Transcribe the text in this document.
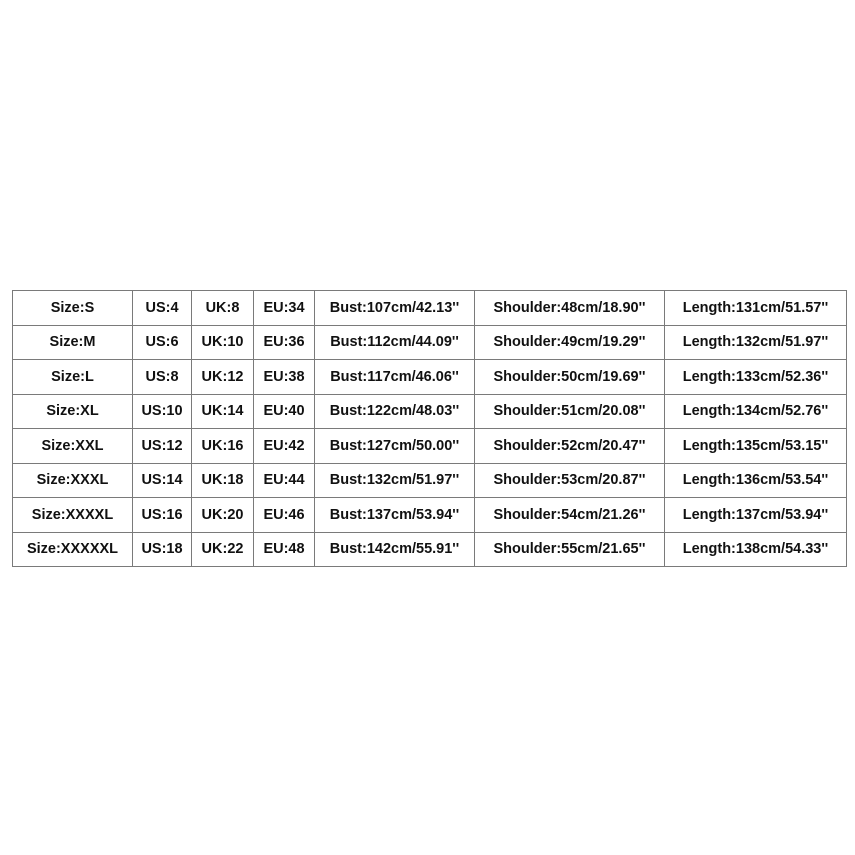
Size:S	US:4	UK:8	EU:34	Bust:107cm/42.13''	Shoulder:48cm/18.90''	Length:131cm/51.57''
Size:M	US:6	UK:10	EU:36	Bust:112cm/44.09''	Shoulder:49cm/19.29''	Length:132cm/51.97''
Size:L	US:8	UK:12	EU:38	Bust:117cm/46.06''	Shoulder:50cm/19.69''	Length:133cm/52.36''
Size:XL	US:10	UK:14	EU:40	Bust:122cm/48.03''	Shoulder:51cm/20.08''	Length:134cm/52.76''
Size:XXL	US:12	UK:16	EU:42	Bust:127cm/50.00''	Shoulder:52cm/20.47''	Length:135cm/53.15''
Size:XXXL	US:14	UK:18	EU:44	Bust:132cm/51.97''	Shoulder:53cm/20.87''	Length:136cm/53.54''
Size:XXXXL	US:16	UK:20	EU:46	Bust:137cm/53.94''	Shoulder:54cm/21.26''	Length:137cm/53.94''
Size:XXXXXL	US:18	UK:22	EU:48	Bust:142cm/55.91''	Shoulder:55cm/21.65''	Length:138cm/54.33''
